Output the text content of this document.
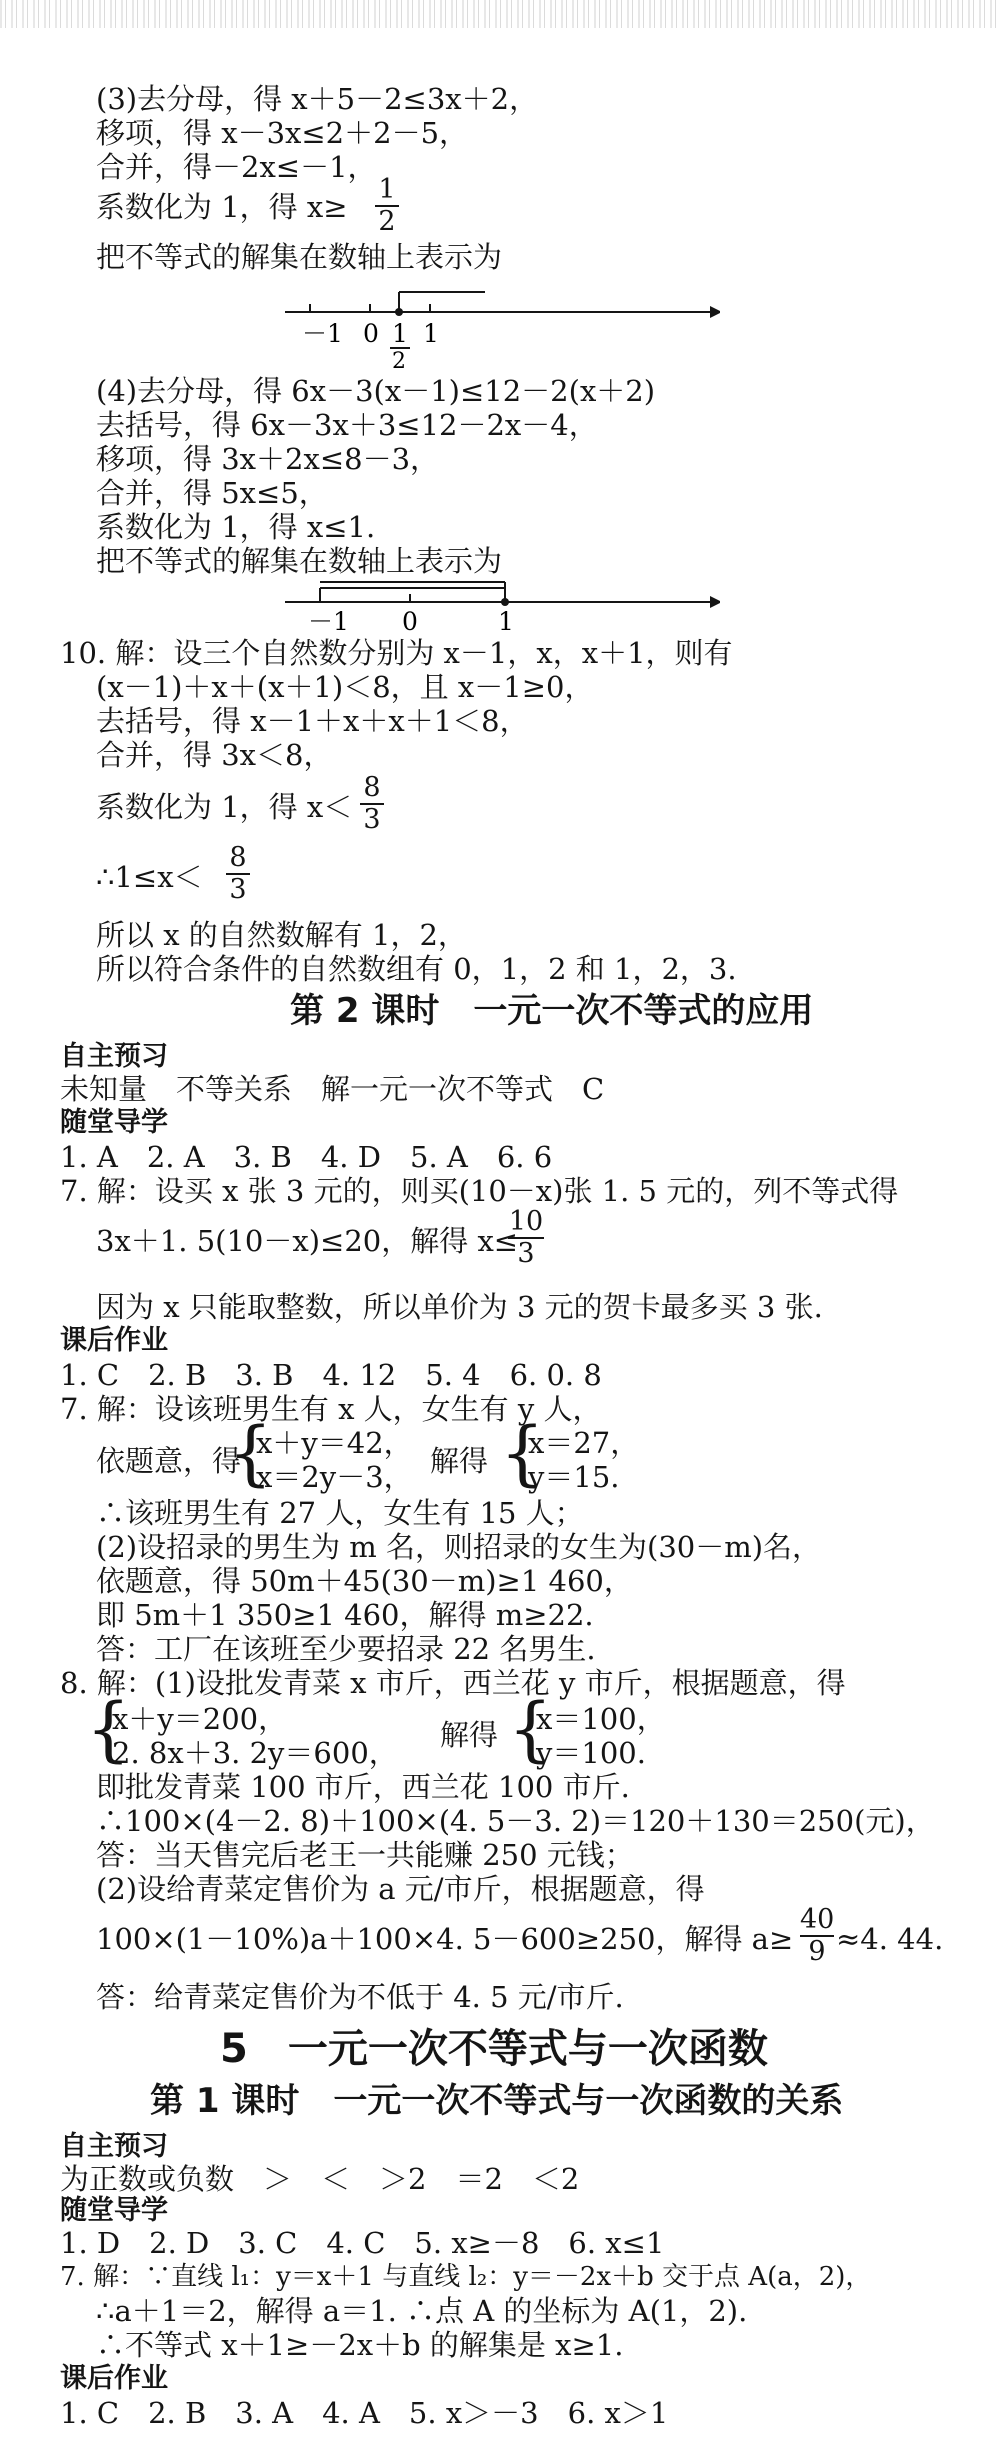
(3)去分母，得 x＋5－2≤3x＋2，
移项，得 x－3x≤2＋2－5，
合并，得－2x≤－1，
系数化为 1，得 x≥
1
2
把不等式的解集在数轴上表示为
－1 0 1
2
1
(4)去分母，得 6x－3(x－1)≤12－2(x＋2)
去括号，得 6x－3x＋3≤12－2x－4，
移项，得 3x＋2x≤8－3，
合并，得 5x≤5，
系数化为 1，得 x≤1.
把不等式的解集在数轴上表示为
－1 0	1
10. 解：设三个自然数分别为 x－1，x，x＋1，则有
(x－1)＋x＋(x＋1)＜8，且 x－1≥0，
去括号，得 x－1＋x＋x＋1＜8，
合并，得 3x＜8，
系数化为 1，得 x＜
8
3
∴1≤x＜
8
3
所以 x 的自然数解有 1，2，
所以符合条件的自然数组有 0，1，2 和 1，2，3.
第 2 课时　一元一次不等式的应用
自主预习
未知量　不等关系　解一元一次不等式　C
随堂导学
1. A　2. A　3. B　4. D　5. A　6. 6
7. 解：设买 x 张 3 元的，则买(10－x)张 1. 5 元的，列不等式得
3x＋1. 5(10－x)≤20，解得 x≤
10
3
因为 x 只能取整数，所以单价为 3 元的贺卡最多买 3 张.
课后作业
1. C　2. B　3. B　4. 12　5. 4　6. 0. 8
7. 解：设该班男生有 x 人，女生有 y 人，
依题意，得
{
x＋y＝42，
x＝2y－3， 解得 {
x＝27，
y＝15.
∴该班男生有 27 人，女生有 15 人；
(2)设招录的男生为 m 名，则招录的女生为(30－m)名，
依题意，得 50m＋45(30－m)≥1 460，
即 5m＋1 350≥1 460，解得 m≥22.
答：工厂在该班至少要招录 22 名男生.
8. 解：(1)设批发青菜 x 市斤，西兰花 y 市斤，根据题意，得
{
x＋y＝200，
2. 8x＋3. 2y＝600，
解得 {
x＝100，
y＝100.
即批发青菜 100 市斤，西兰花 100 市斤.
∴100×(4－2. 8)＋100×(4. 5－3. 2)＝120＋130＝250(元)，
答：当天售完后老王一共能赚 250 元钱；
(2)设给青菜定售价为 a 元/市斤，根据题意，得
100×(1－10%)a＋100×4. 5－600≥250，解得 a≥
40
9 ≈4. 44.
答：给青菜定售价为不低于 4. 5 元/市斤.
5　一元一次不等式与一次函数
第 1 课时　一元一次不等式与一次函数的关系
自主预习
为正数或负数　＞　＜　＞2　＝2　＜2
随堂导学
1. D　2. D　3. C　4. C　5. x≥－8　6. x≤1
7. 解：∵直线 l₁：y＝x＋1 与直线 l₂：y＝－2x＋b 交于点 A(a，2)，
∴a＋1＝2，解得 a＝1. ∴点 A 的坐标为 A(1，2).
∴不等式 x＋1≥－2x＋b 的解集是 x≥1.
课后作业
1. C　2. B　3. A　4. A　5. x＞－3　6. x＞1
